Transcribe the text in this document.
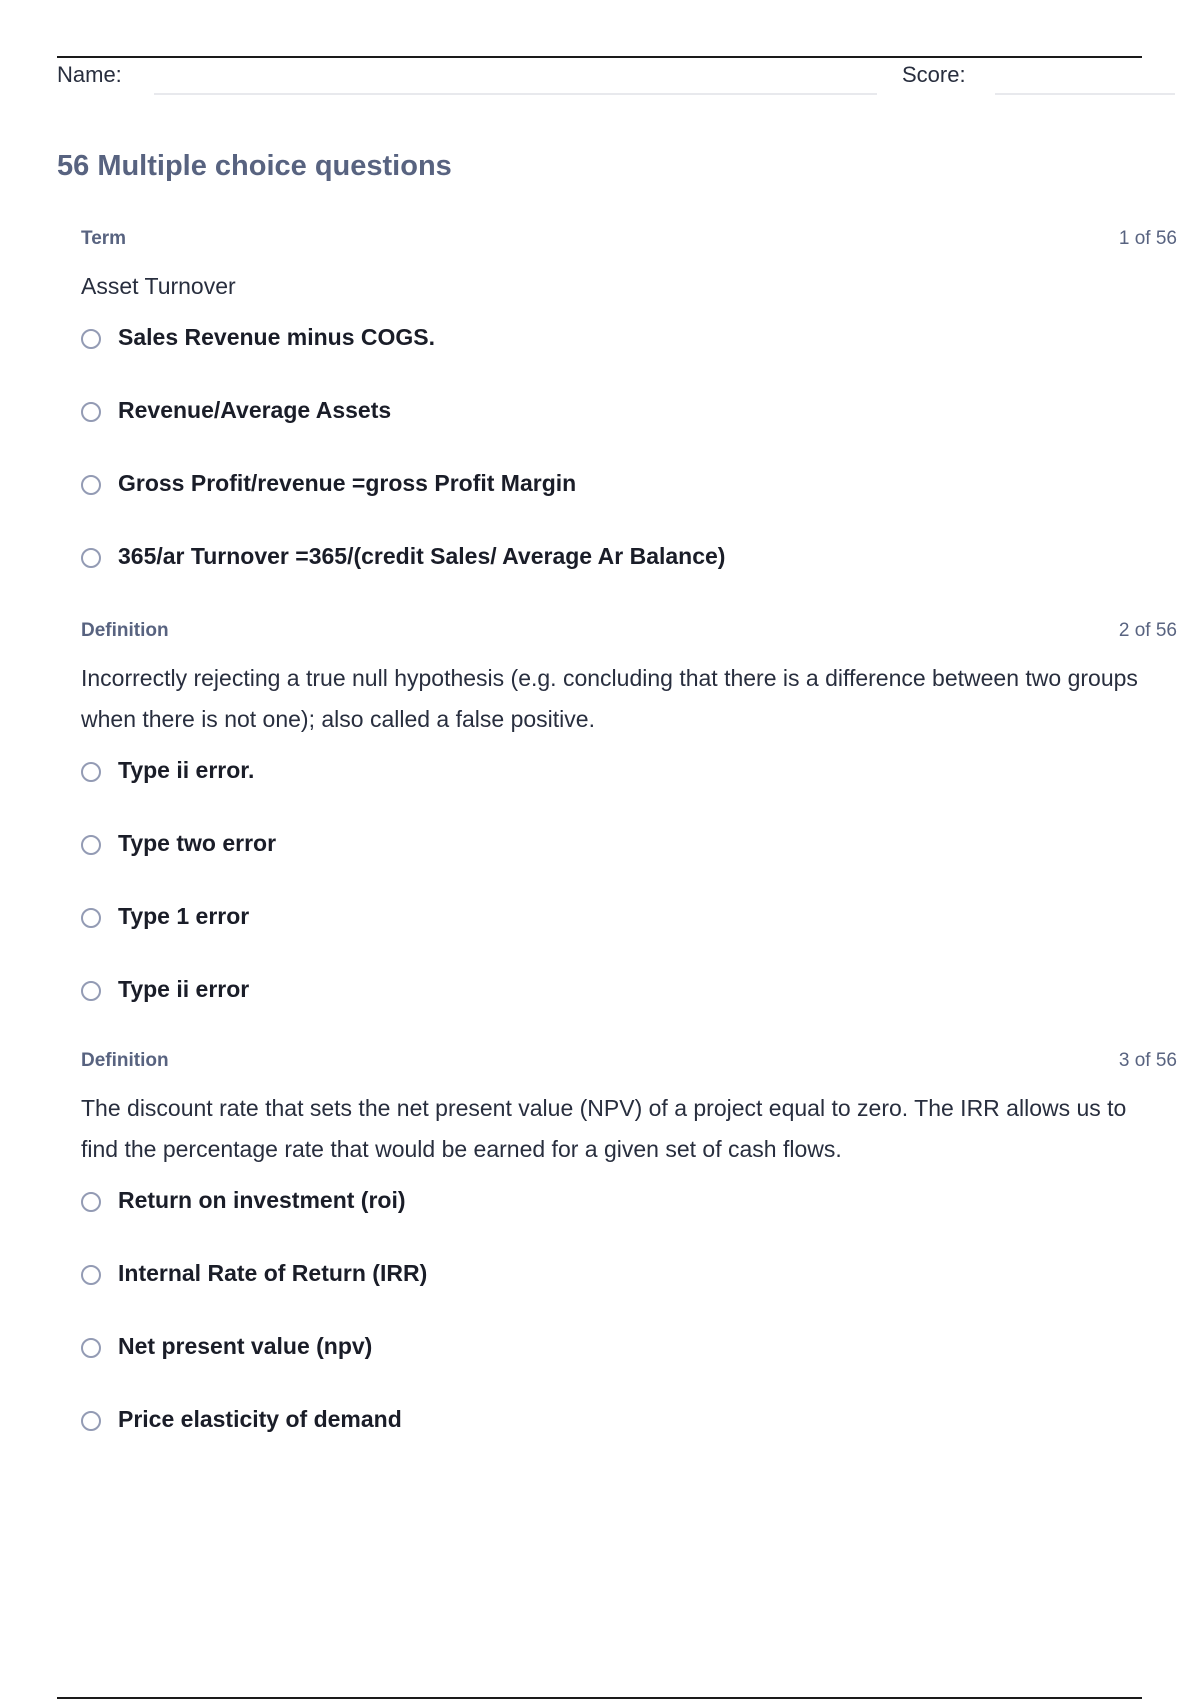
Name:	Score:
56 Multiple choice questions
Term	1 of 56
Asset Turnover
Sales Revenue minus COGS.
Revenue/Average Assets
Gross Profit/revenue =gross Profit Margin
365/ar Turnover =365/(credit Sales/ Average Ar Balance)
Definition	2 of 56
Incorrectly rejecting a true null hypothesis (e.g. concluding that there is a difference between two groups when there is not one); also called a false positive.
Type ii error.
Type two error
Type 1 error
Type ii error
Definition	3 of 56
The discount rate that sets the net present value (NPV) of a project equal to zero. The IRR allows us to find the percentage rate that would be earned for a given set of cash flows.
Return on investment (roi)
Internal Rate of Return (IRR)
Net present value (npv)
Price elasticity of demand
